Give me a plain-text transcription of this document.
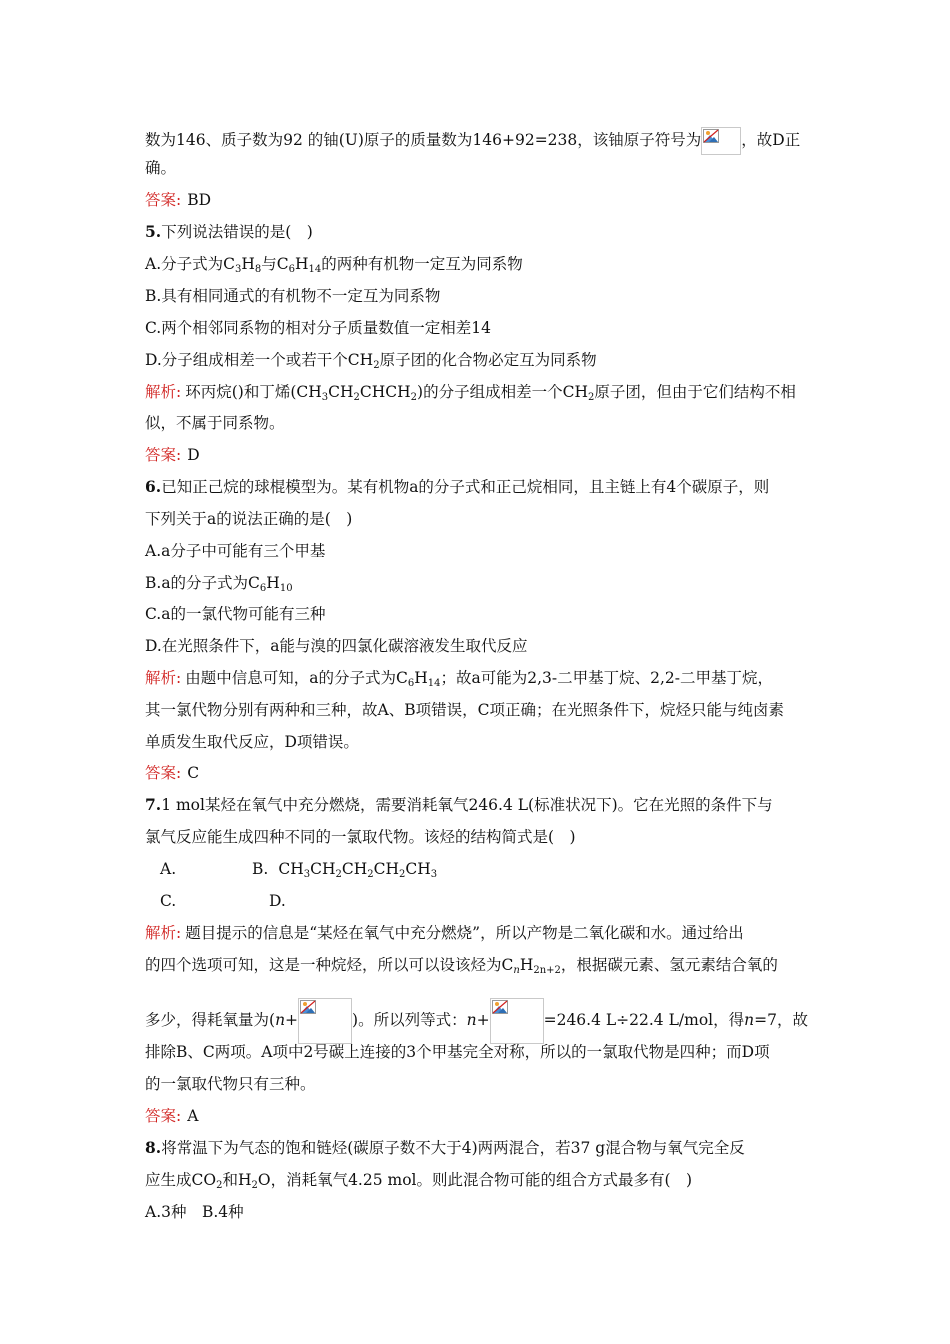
数为146、质子数为92 的铀(U)原子的质量数为146+92=238，该铀原子符号为	，故D正
确。
答案: BD
5.下列说法错误的是(　)
A.分子式为$C_3H_8$与$C_6H_{14}$的两种有机物一定互为同系物
B.具有相同通式的有机物不一定互为同系物
C.两个相邻同系物的相对分子质量数值一定相差14
D.分子组成相差一个或若干个$CH_2$原子团的化合物必定互为同系物
解析: 环丙烷()和丁烯$(CH_3CH_2CHCH_2)$的分子组成相差一个$CH_2$原子团，但由于它们结构不相
似，不属于同系物。
答案: D
6.已知正己烷的球棍模型为。某有机物a的分子式和正己烷相同，且主链上有4个碳原子，则
下列关于a的说法正确的是(　)
A.a分子中可能有三个甲基
B.a的分子式为$C_6H_{10}$
C.a的一氯代物可能有三种
D.在光照条件下，a能与溴的四氯化碳溶液发生取代反应
解析: 由题中信息可知，a的分子式为$C_6H_{14}$；故a可能为2,3-二甲基丁烷、2,2-二甲基丁烷，
其一氯代物分别有两种和三种，故A、B项错误，C项正确；在光照条件下，烷烃只能与纯卤素
单质发生取代反应，D项错误。
答案: C
7.1 mol某烃在氧气中充分燃烧，需要消耗氧气246.4 L(标准状况下)。它在光照的条件下与
氯气反应能生成四种不同的一氯取代物。该烃的结构简式是(　)
A.	B. $CH_3CH_2CH_2CH_2CH_3$
C.	D.
解析: 题目提示的信息是“某烃在氧气中充分燃烧”，所以产物是二氧化碳和水。通过给出
的四个选项可知，这是一种烷烃，所以可以设该烃为$C_nH_{2n+2}$，根据碳元素、氢元素结合氧的
多少，得耗氧量为(n+	)。所以列等式：n+	=246.4 L÷22.4 L/mol，得n=7，故
排除B、C两项。A项中2号碳上连接的3个甲基完全对称，所以的一氯取代物是四种；而D项
的一氯取代物只有三种。
答案: A
8.将常温下为气态的饱和链烃(碳原子数不大于4)两两混合，若37 g混合物与氧气完全反
应生成$CO_2$和$H_2O$，消耗氧气4.25 mol。则此混合物可能的组合方式最多有(　)
A.3种　B.4种
